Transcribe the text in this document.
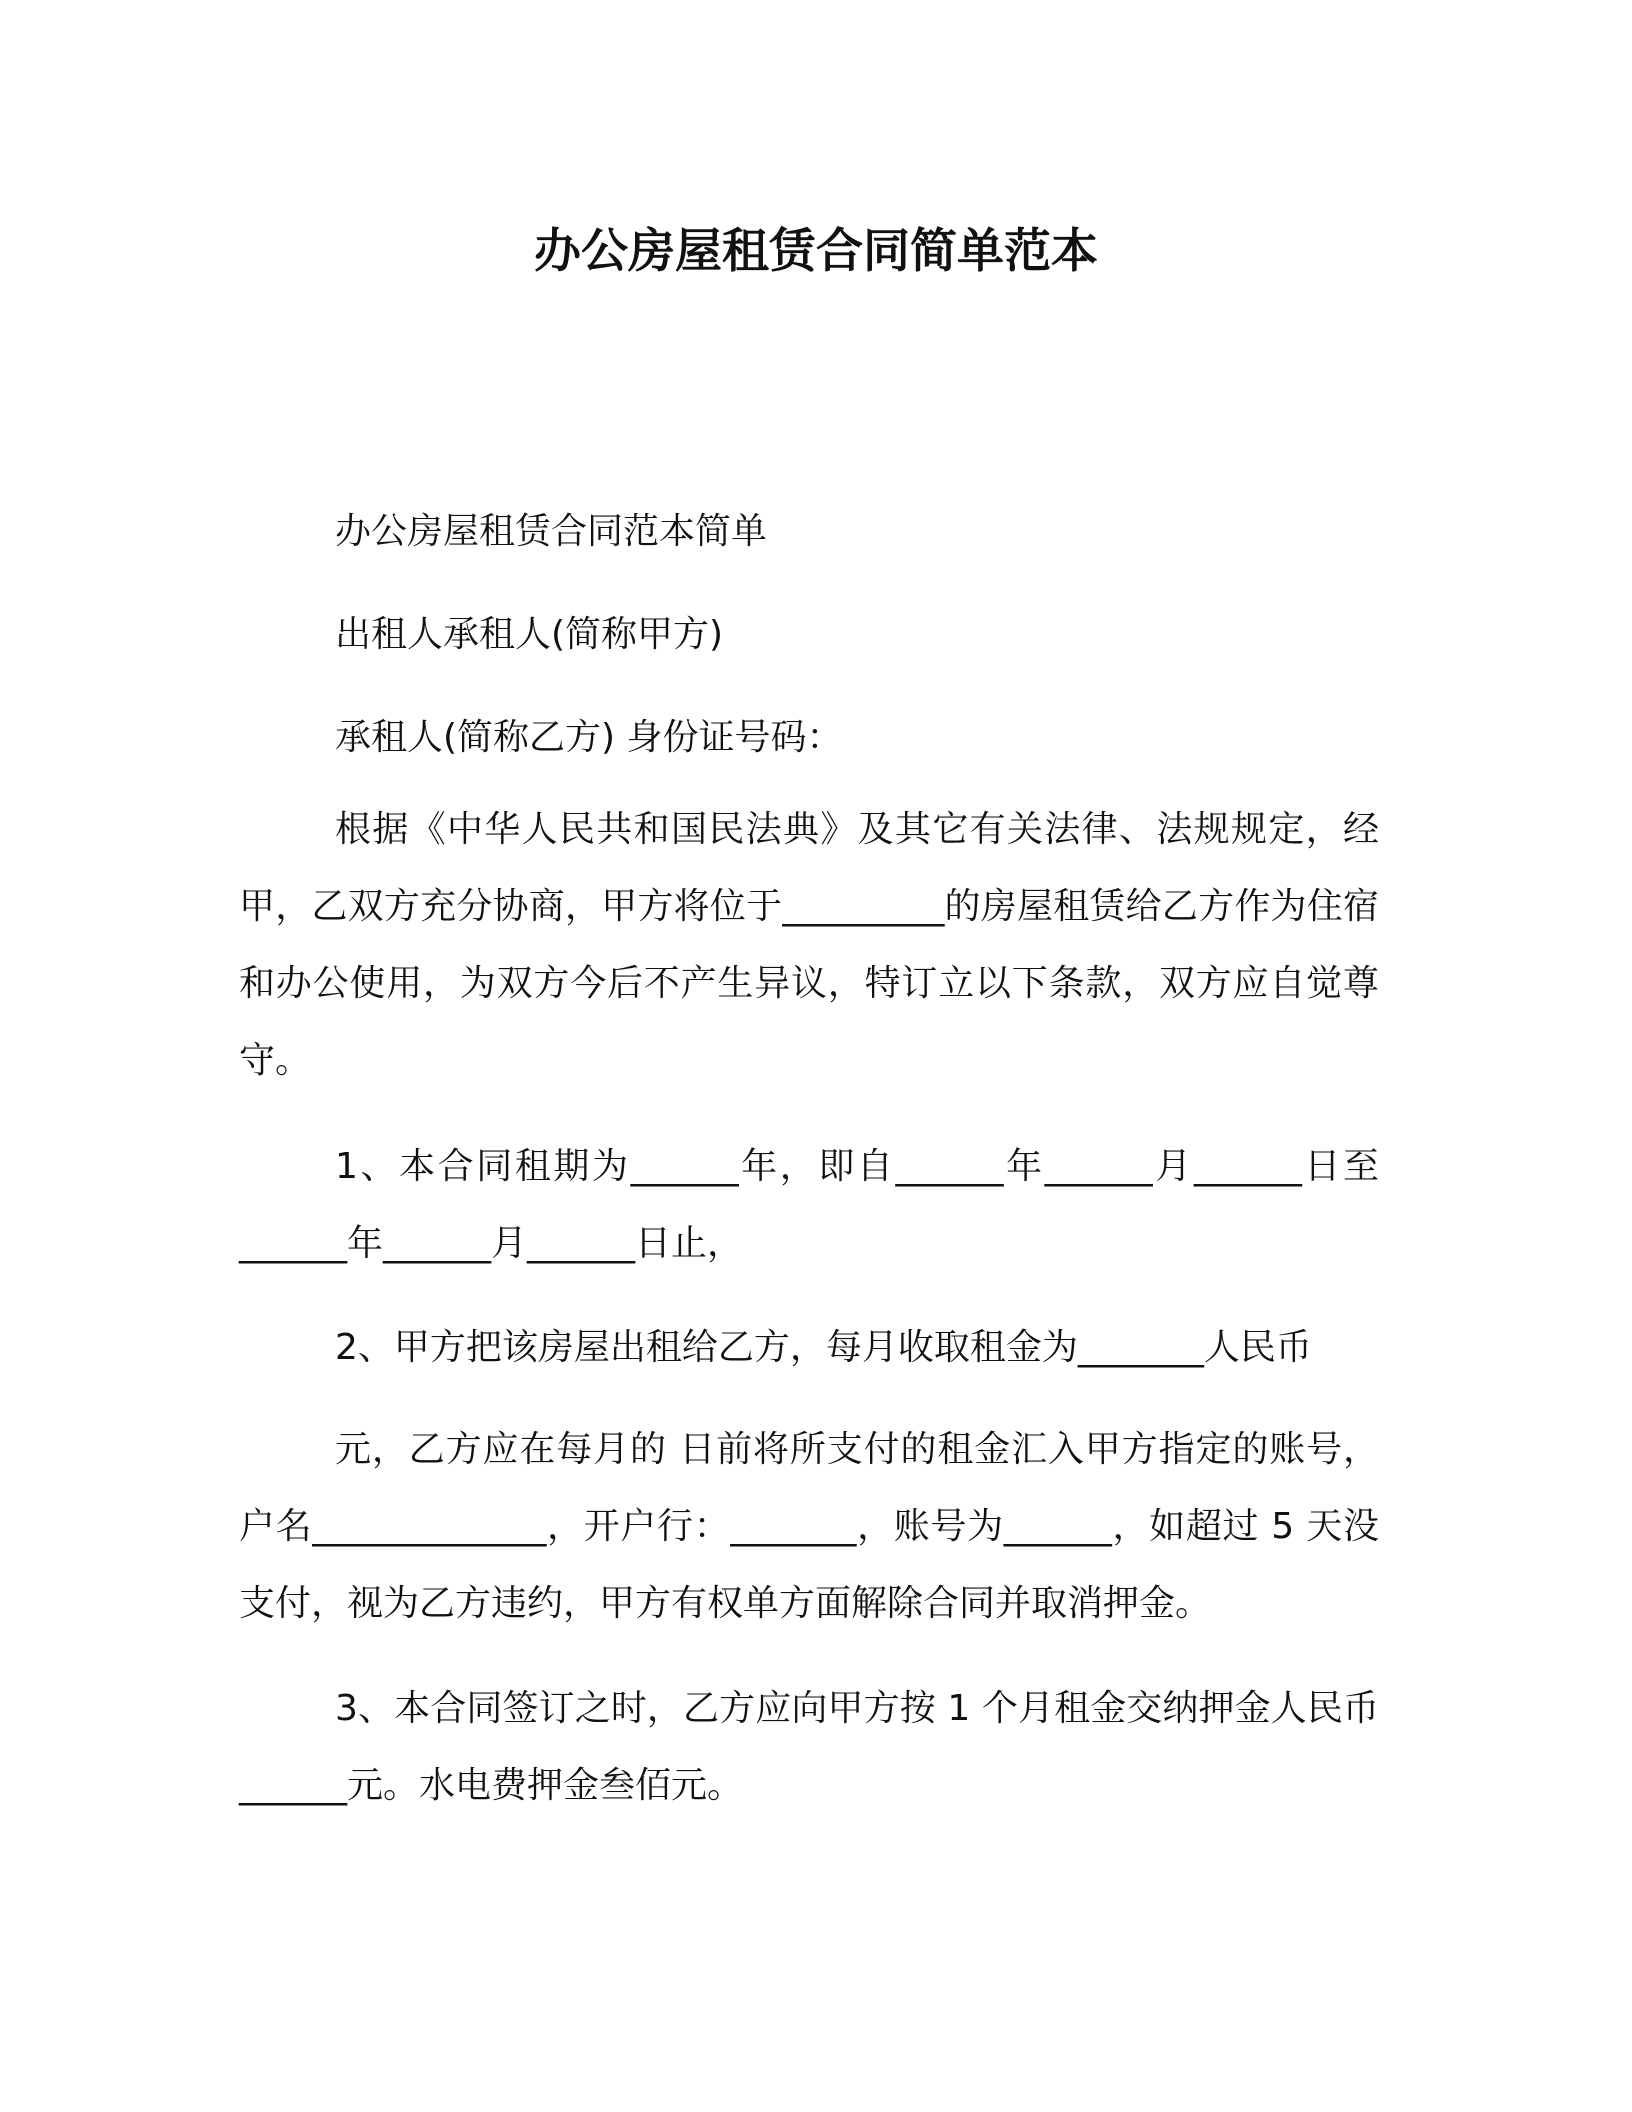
办公房屋租赁合同简单范本

办公房屋租赁合同范本简单

出租人承租人(简称甲方)

承租人(简称乙方) 身份证号码：

根据《中华人民共和国民法典》及其它有关法律、法规规定，经甲，乙双方充分协商，甲方将位于_________的房屋租赁给乙方作为住宿和办公使用，为双方今后不产生异议，特订立以下条款，双方应自觉尊守。

1、本合同租期为______年，即自______年______月______日至______年______月______日止，

2、甲方把该房屋出租给乙方，每月收取租金为_______人民币

元，乙方应在每月的 日前将所支付的租金汇入甲方指定的账号，户名_____________，开户行：_______，账号为______，如超过 5 天没支付，视为乙方违约，甲方有权单方面解除合同并取消押金。

3、本合同签订之时，乙方应向甲方按 1 个月租金交纳押金人民币______元。水电费押金叁佰元。
